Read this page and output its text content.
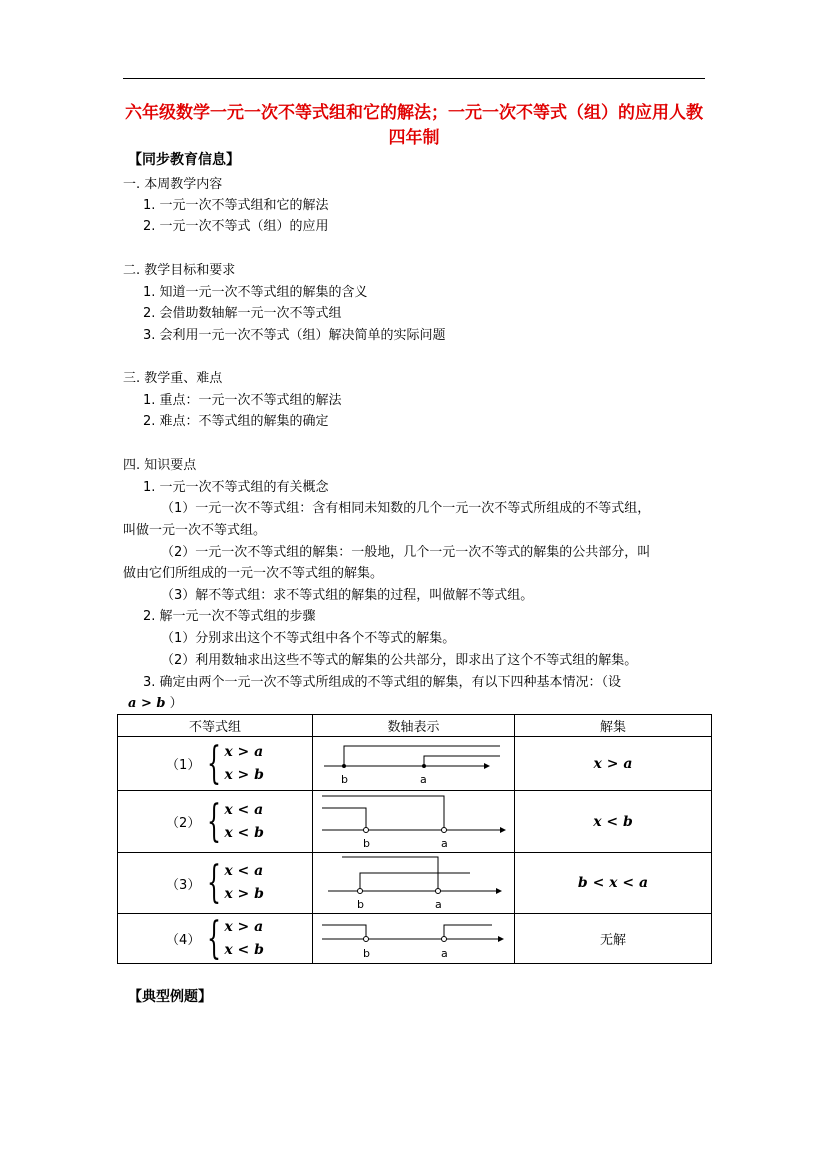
六年级数学一元一次不等式组和它的解法；一元一次不等式（组）的应用人教四年制
【同步教育信息】
一. 本周教学内容
1. 一元一次不等式组和它的解法
2. 一元一次不等式（组）的应用
二. 教学目标和要求
1. 知道一元一次不等式组的解集的含义
2. 会借助数轴解一元一次不等式组
3. 会利用一元一次不等式（组）解决简单的实际问题
三. 教学重、难点
1. 重点：一元一次不等式组的解法
2. 难点：不等式组的解集的确定
四. 知识要点
1. 一元一次不等式组的有关概念
（1）一元一次不等式组：含有相同未知数的几个一元一次不等式所组成的不等式组，
叫做一元一次不等式组。
（2）一元一次不等式组的解集：一般地，几个一元一次不等式的解集的公共部分，叫
做由它们所组成的一元一次不等式组的解集。
（3）解不等式组：求不等式组的解集的过程，叫做解不等式组。
2. 解一元一次不等式组的步骤
（1）分别求出这个不等式组中各个不等式的解集。
（2）利用数轴求出这些不等式的解集的公共部分，即求出了这个不等式组的解集。
3. 确定由两个一元一次不等式所组成的不等式组的解集，有以下四种基本情况：（设
a > b ）
不等式组	数轴表示	解集

（1） { x > a
x > b	b a	x > a

（2） { x < a
x < b	b a	x < b

（3） { x < a
x > b	b a	b < x < a

（4） { x > a
x < b	b a	无解
【典型例题】
